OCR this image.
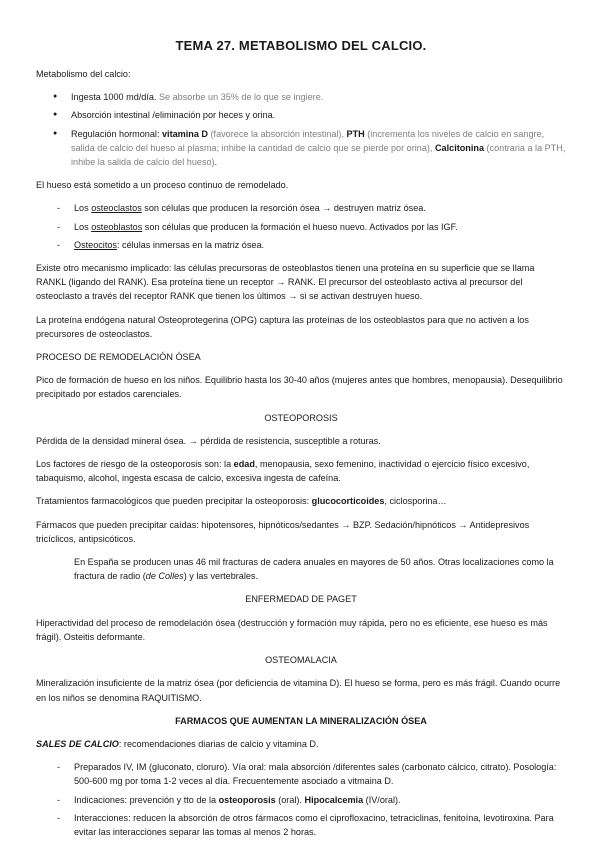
TEMA 27. METABOLISMO DEL CALCIO.

Metabolismo del calcio:

● Ingesta 1000 md/día. Se absorbe un 35% de lo que se ingiere.
● Absorción intestinal /eliminación por heces y orina.
● Regulación hormonal: vitamina D (favorece la absorción intestinal), PTH (incrementa los niveles de calcio en sangre, salida de calcio del hueso al plasma; inhibe la cantidad de calcio que se pierde por orina), Calcitonina (contraria a la PTH, inhibe la salida de calcio del hueso).

El hueso está sometido a un proceso continuo de remodelado.

- Los osteoclastos son células que producen la resorción ósea → destruyen matriz ósea.
- Los osteoblastos son células que producen la formación el hueso nuevo. Activados por las IGF.
- Osteocitos: células inmersas en la matriz ósea.

Existe otro mecanismo implicado: las células precursoras de osteoblastos tienen una proteína en su superficie que se llama RANKL (ligando del RANK). Esa proteína tiene un receptor → RANK. El precursor del osteoblasto activa al precursor del osteoclasto a través del receptor RANK que tienen los últimos → si se activan destruyen hueso.

La proteína endógena natural Osteoprotegerina (OPG) captura las proteínas de los osteoblastos para que no activen a los precursores de osteoclastos.

PROCESO DE REMODELACIÓN ÓSEA

Pico de formación de hueso en los niños. Equilibrio hasta los 30-40 años (mujeres antes que hombres, menopausia). Desequilibrio precipitado por estados carenciales.

OSTEOPOROSIS

Pérdida de la densidad mineral ósea. → pérdida de resistencia, susceptible a roturas.

Los factores de riesgo de la osteoporosis son: la edad, menopausia, sexo femenino, inactividad o ejercicio físico excesivo, tabaquismo, alcohol, ingesta escasa de calcio, excesiva ingesta de cafeína.

Tratamientos farmacológicos que pueden precipitar la osteoporosis: glucocorticoides, ciclosporina…

Fármacos que pueden precipitar caídas: hipotensores, hipnóticos/sedantes → BZP. Sedación/hipnóticos → Antidepresivos tricíclicos, antipsicóticos.

En España se producen unas 46 mil fracturas de cadera anuales en mayores de 50 años. Otras localizaciones como la fractura de radio (de Colles) y las vertebrales.

ENFERMEDAD DE PAGET

Hiperactividad del proceso de remodelación ósea (destrucción y formación muy rápida, pero no es eficiente, ese hueso es más frágil). Osteitis deformante.

OSTEOMALACIA

Mineralización insuficiente de la matriz ósea (por deficiencia de vitamina D). El hueso se forma, pero es más frágil. Cuando ocurre en los niños se denomina RAQUITISMO.

FARMACOS QUE AUMENTAN LA MINERALIZACIÓN ÓSEA

SALES DE CALCIO: recomendaciones diarias de calcio y vitamina D.

- Preparados IV, IM (gluconato, cloruro). Vía oral: mala absorción /diferentes sales (carbonato cálcico, citrato). Posología: 500-600 mg por toma 1-2 veces al día. Frecuentemente asociado a vitmaina D.
- Indicaciones: prevención y tto de la osteoporosis (oral). Hipocalcemia (IV/oral).
- Interacciones: reducen la absorción de otros fármacos como el ciprofloxacino, tetraciclinas, fenitoína, levotiroxina. Para evitar las interacciones separar las tomas al menos 2 horas.
